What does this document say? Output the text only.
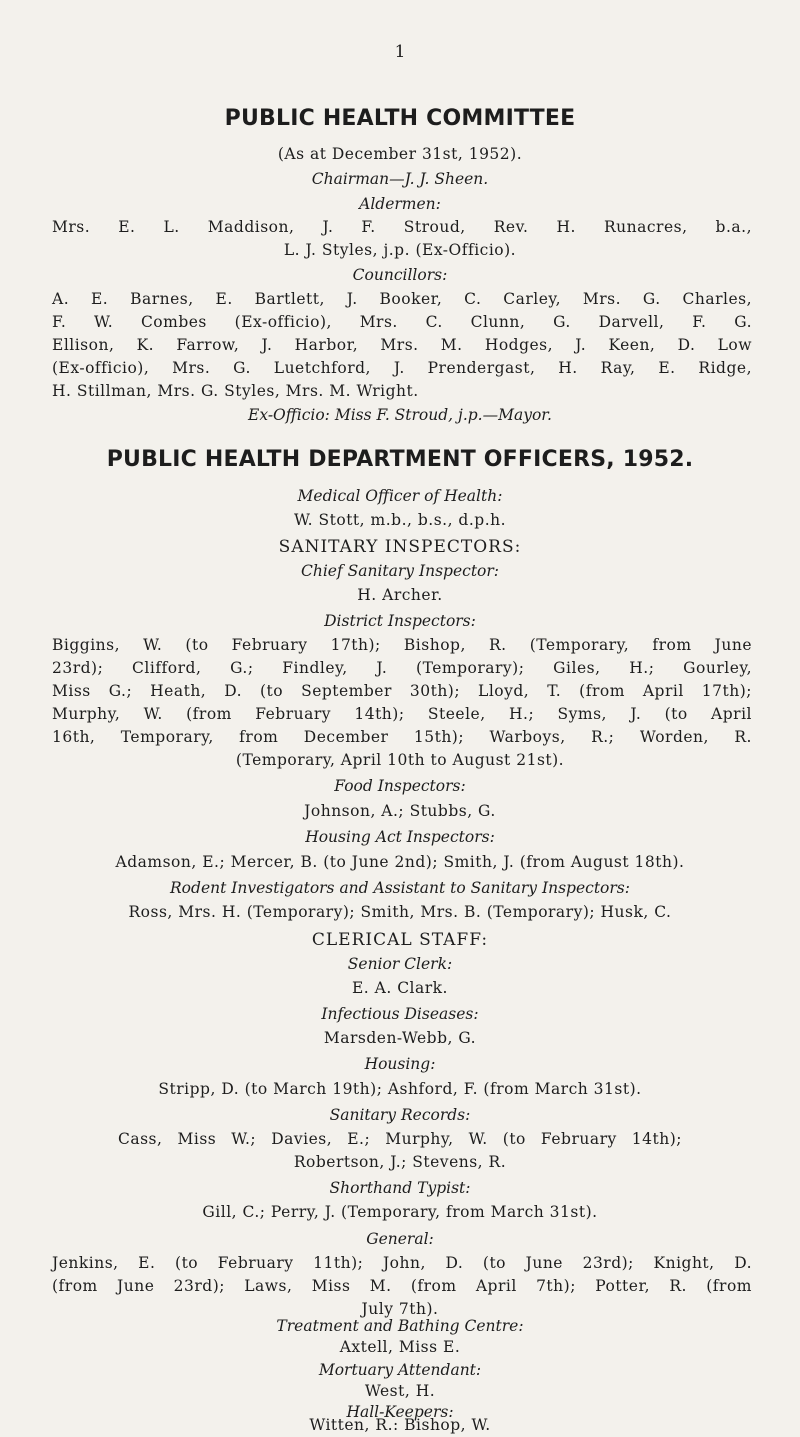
1
PUBLIC HEALTH COMMITTEE
(As at December 31st, 1952).
Chairman—J. J. Sheen.
Aldermen:
Mrs. E. L. Maddison, J. F. Stroud, Rev. H. Runacres, b.a.,
L. J. Styles, j.p. (Ex-Officio).
Councillors:
A. E. Barnes, E. Bartlett, J. Booker, C. Carley, Mrs. G. Charles,
F. W. Combes (Ex-officio), Mrs. C. Clunn, G. Darvell, F. G.
Ellison, K. Farrow, J. Harbor, Mrs. M. Hodges, J. Keen, D. Low
(Ex-officio), Mrs. G. Luetchford, J. Prendergast, H. Ray, E. Ridge,
H. Stillman, Mrs. G. Styles, Mrs. M. Wright.
Ex-Officio: Miss F. Stroud, j.p.—Mayor.
PUBLIC HEALTH DEPARTMENT OFFICERS, 1952.
Medical Officer of Health:
W. Stott, m.b., b.s., d.p.h.
SANITARY INSPECTORS:
Chief Sanitary Inspector:
H. Archer.
District Inspectors:
Biggins, W. (to February 17th); Bishop, R. (Temporary, from June
23rd); Clifford, G.; Findley, J. (Temporary); Giles, H.; Gourley,
Miss G.; Heath, D. (to September 30th); Lloyd, T. (from April 17th);
Murphy, W. (from February 14th); Steele, H.; Syms, J. (to April
16th, Temporary, from December 15th); Warboys, R.; Worden, R.
(Temporary, April 10th to August 21st).
Food Inspectors:
Johnson, A.; Stubbs, G.
Housing Act Inspectors:
Adamson, E.; Mercer, B. (to June 2nd); Smith, J. (from August 18th).
Rodent Investigators and Assistant to Sanitary Inspectors:
Ross, Mrs. H. (Temporary); Smith, Mrs. B. (Temporary); Husk, C.
CLERICAL STAFF:
Senior Clerk:
E. A. Clark.
Infectious Diseases:
Marsden-Webb, G.
Housing:
Stripp, D. (to March 19th); Ashford, F. (from March 31st).
Sanitary Records:
Cass, Miss W.; Davies, E.; Murphy, W. (to February 14th);
Robertson, J.; Stevens, R.
Shorthand Typist:
Gill, C.; Perry, J. (Temporary, from March 31st).
General:
Jenkins, E. (to February 11th); John, D. (to June 23rd); Knight, D.
(from June 23rd); Laws, Miss M. (from April 7th); Potter, R. (from
July 7th).
Treatment and Bathing Centre:
Axtell, Miss E.
Mortuary Attendant:
West, H.
Hall-Keepers:
Witten, R.: Bishop, W.
